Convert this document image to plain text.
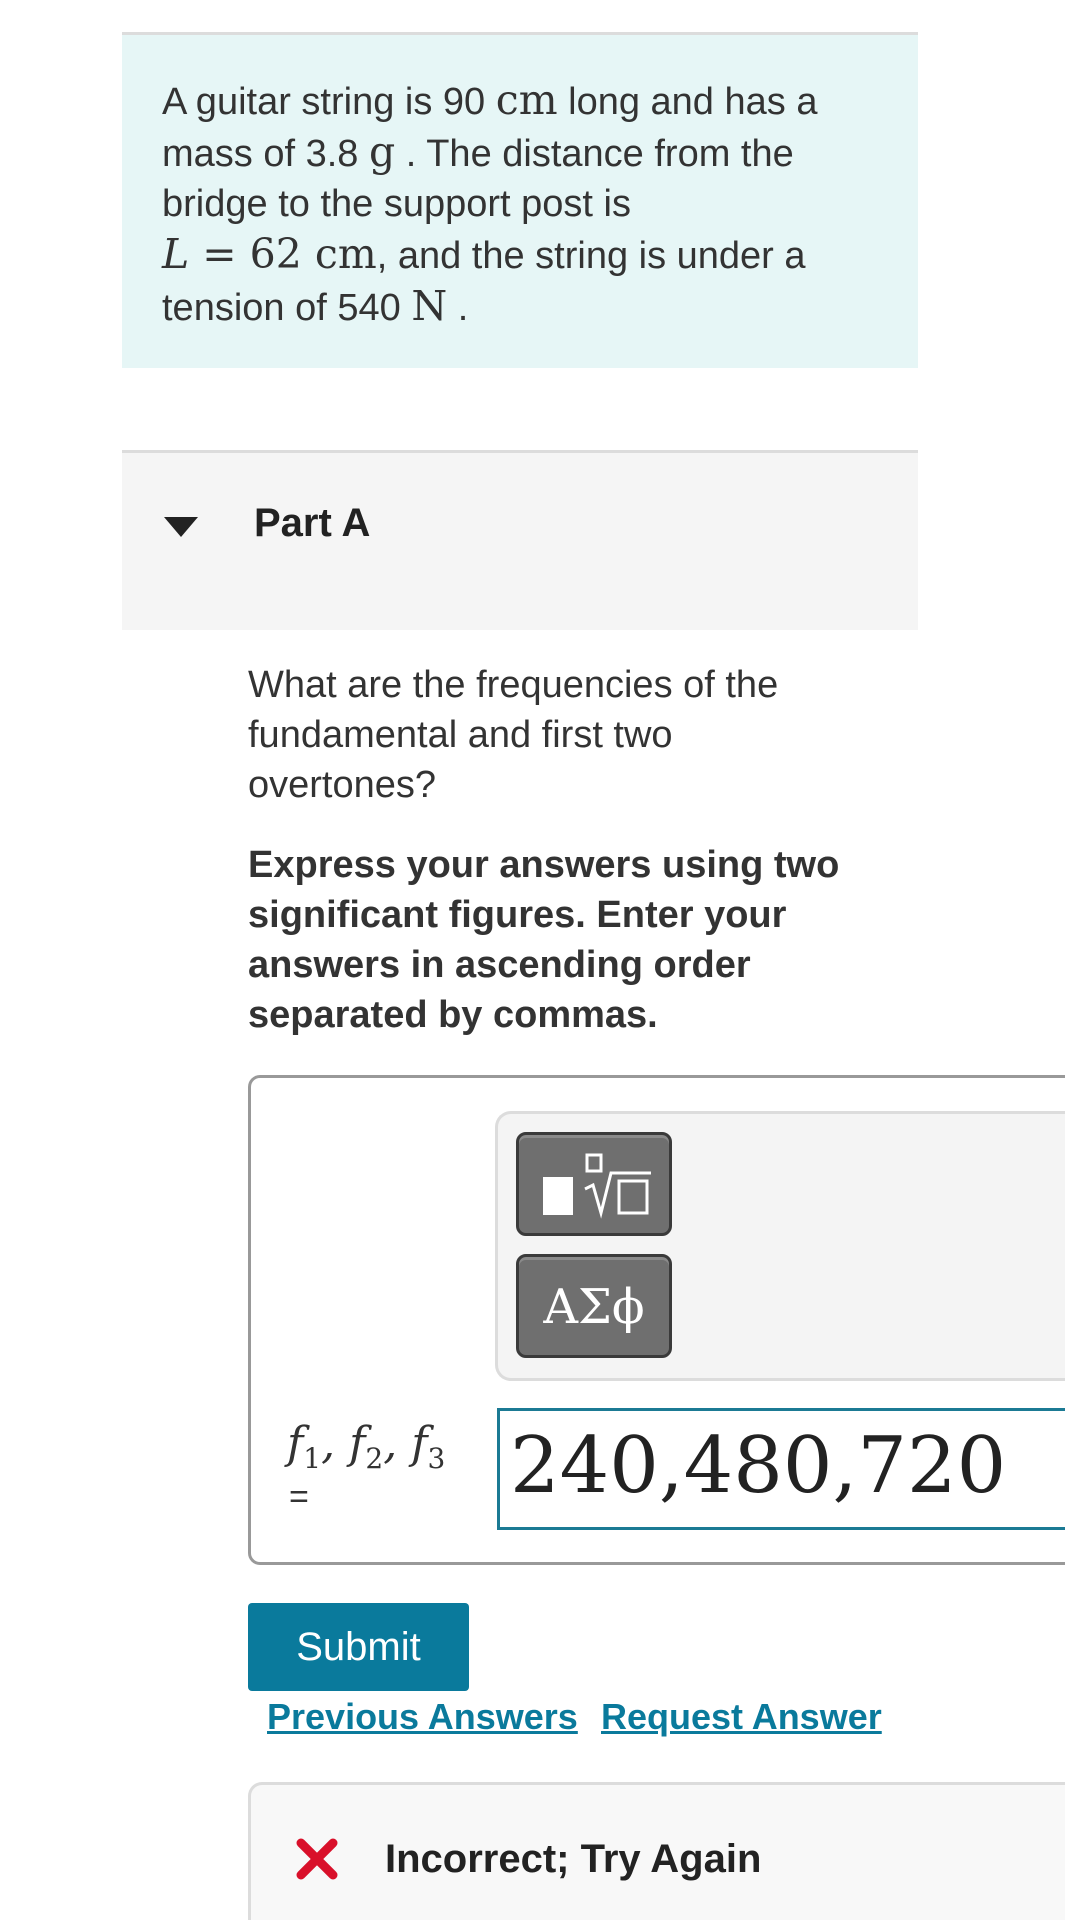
A guitar string is 90 cm long and has a mass of 3.8 g . The distance from the bridge to the support post is
L = 62 cm, and the string is under a tension of 540 N .
Part A
What are the frequencies of the fundamental and first two overtones?
Express your answers using two significant figures. Enter your answers in ascending order separated by commas.
ΑΣϕ
$f_1$, $f_2$, $f_3$
=	240,480,720
Submit
Previous Answers Request Answer
Incorrect; Try Again
